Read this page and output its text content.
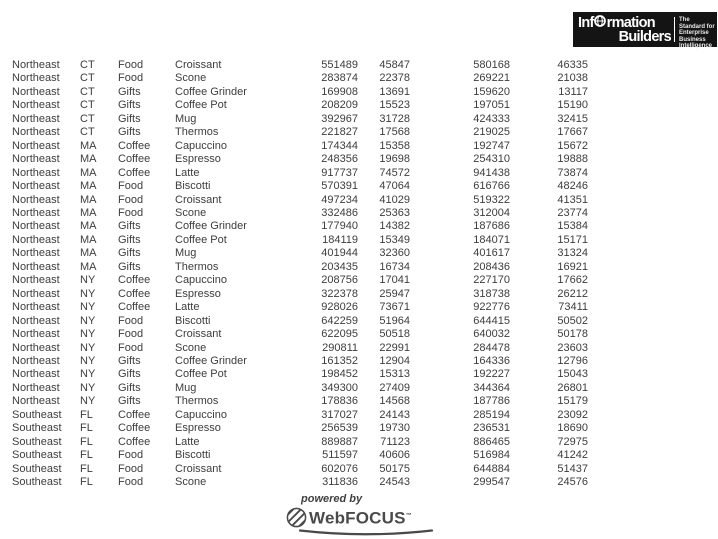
Inf rmation
Builders
The Standard for
Enterprise
Business
Intelligence
Northeast	CT	Food	Croissant	551489	45847	580168	46335
Northeast	CT	Food	Scone	283874	22378	269221	21038
Northeast	CT	Gifts	Coffee Grinder	169908	13691	159620	13117
Northeast	CT	Gifts	Coffee Pot	208209	15523	197051	15190
Northeast	CT	Gifts	Mug	392967	31728	424333	32415
Northeast	CT	Gifts	Thermos	221827	17568	219025	17667
Northeast	MA	Coffee	Capuccino	174344	15358	192747	15672
Northeast	MA	Coffee	Espresso	248356	19698	254310	19888
Northeast	MA	Coffee	Latte	917737	74572	941438	73874
Northeast	MA	Food	Biscotti	570391	47064	616766	48246
Northeast	MA	Food	Croissant	497234	41029	519322	41351
Northeast	MA	Food	Scone	332486	25363	312004	23774
Northeast	MA	Gifts	Coffee Grinder	177940	14382	187686	15384
Northeast	MA	Gifts	Coffee Pot	184119	15349	184071	15171
Northeast	MA	Gifts	Mug	401944	32360	401617	31324
Northeast	MA	Gifts	Thermos	203435	16734	208436	16921
Northeast	NY	Coffee	Capuccino	208756	17041	227170	17662
Northeast	NY	Coffee	Espresso	322378	25947	318738	26212
Northeast	NY	Coffee	Latte	928026	73671	922776	73411
Northeast	NY	Food	Biscotti	642259	51964	644415	50502
Northeast	NY	Food	Croissant	622095	50518	640032	50178
Northeast	NY	Food	Scone	290811	22991	284478	23603
Northeast	NY	Gifts	Coffee Grinder	161352	12904	164336	12796
Northeast	NY	Gifts	Coffee Pot	198452	15313	192227	15043
Northeast	NY	Gifts	Mug	349300	27409	344364	26801
Northeast	NY	Gifts	Thermos	178836	14568	187786	15179
Southeast	FL	Coffee	Capuccino	317027	24143	285194	23092
Southeast	FL	Coffee	Espresso	256539	19730	236531	18690
Southeast	FL	Coffee	Latte	889887	71123	886465	72975
Southeast	FL	Food	Biscotti	511597	40606	516984	41242
Southeast	FL	Food	Croissant	602076	50175	644884	51437
Southeast	FL	Food	Scone	311836	24543	299547	24576
powered by
WebFOCUS™
